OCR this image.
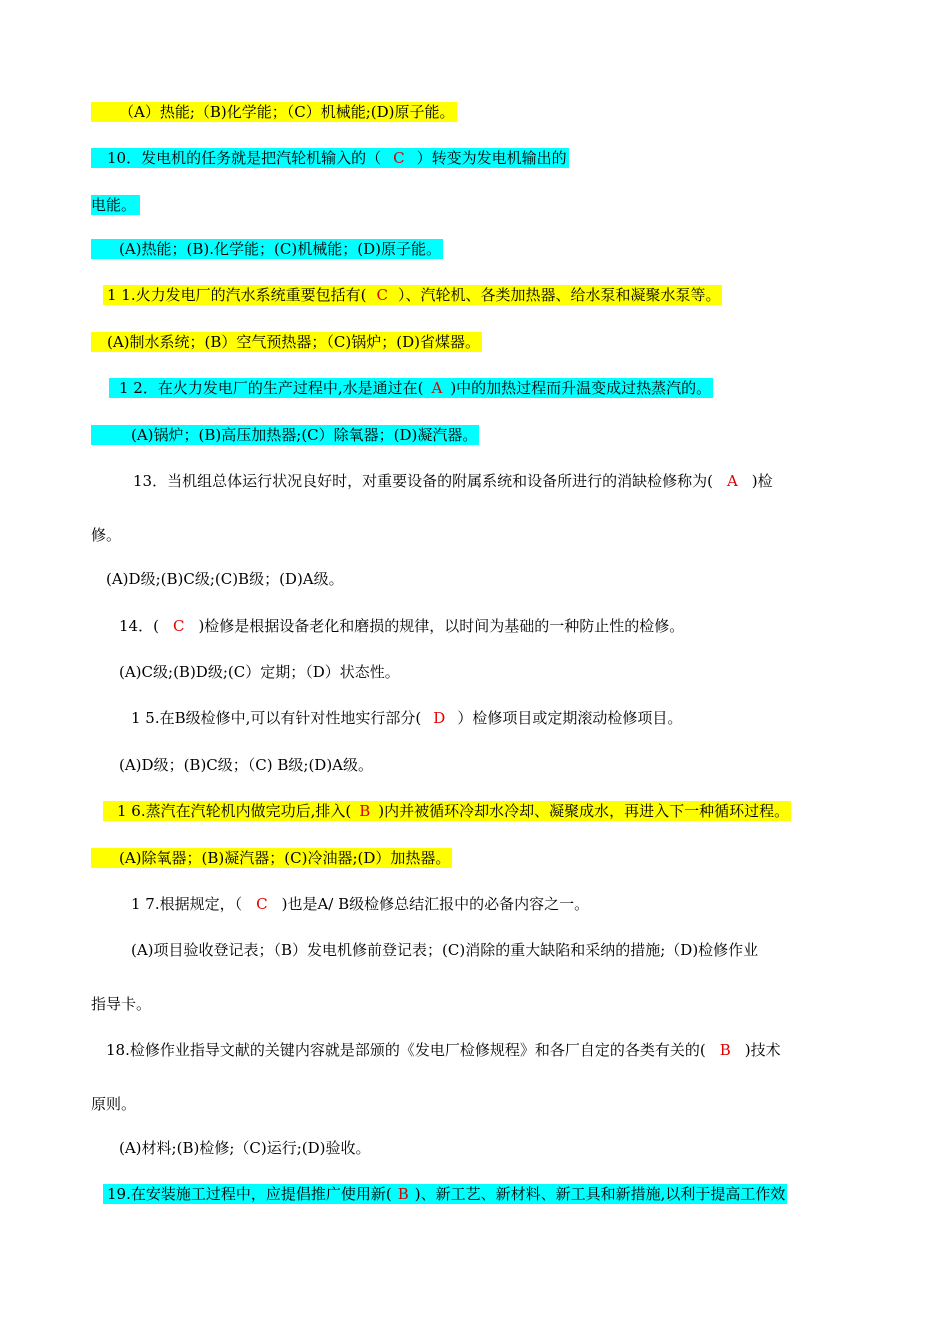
（A）热能;（B)化学能；（C）机械能;(D)原子能。
10．发电机的任务就是把汽轮机输入的（ C ）转变为发电机输出的
电能。
(A)热能；(B).化学能；(C)机械能；(D)原子能。
1 1.火力发电厂的汽水系统重要包括有( C ）、汽轮机、各类加热器、给水泵和凝聚水泵等。
(A)制水系统；(B）空气预热器；（C)锅炉；(D)省煤器。
1 2．在火力发电厂的生产过程中,水是通过在( A )中的加热过程而升温变成过热蒸汽的。
(A)锅炉；(B)高压加热器;(C）除氧器；(D)凝汽器。
13．当机组总体运行状况良好时，对重要设备的附属系统和设备所进行的消缺检修称为( A )检
修。
(A)D级;(B)C级;(C)B级；(D)A级。
14．( C )检修是根据设备老化和磨损的规律，以时间为基础的一种防止性的检修。
(A)C级;(B)D级;(C）定期；（D）状态性。
1 5.在B级检修中,可以有针对性地实行部分( D ）检修项目或定期滚动检修项目。
(A)D级；(B)C级；（C) B级;(D)A级。
1 6.蒸汽在汽轮机内做完功后,排入( B )内并被循环冷却水冷却、凝聚成水，再进入下一种循环过程。
(A)除氧器；(B)凝汽器；(C)冷油器;(D）加热器。
1 7.根据规定，（ C )也是A/ B级检修总结汇报中的必备内容之一。
(A)项目验收登记表；（B）发电机修前登记表；(C)消除的重大缺陷和采纳的措施;（D)检修作业
指导卡。
18.检修作业指导文献的关键内容就是部颁的《发电厂检修规程》和各厂自定的各类有关的( B )技术
原则。
(A)材料;(B)检修;（C)运行;(D)验收。
19.在安装施工过程中，应提倡推广使用新( B )、新工艺、新材料、新工具和新措施,以利于提高工作效
